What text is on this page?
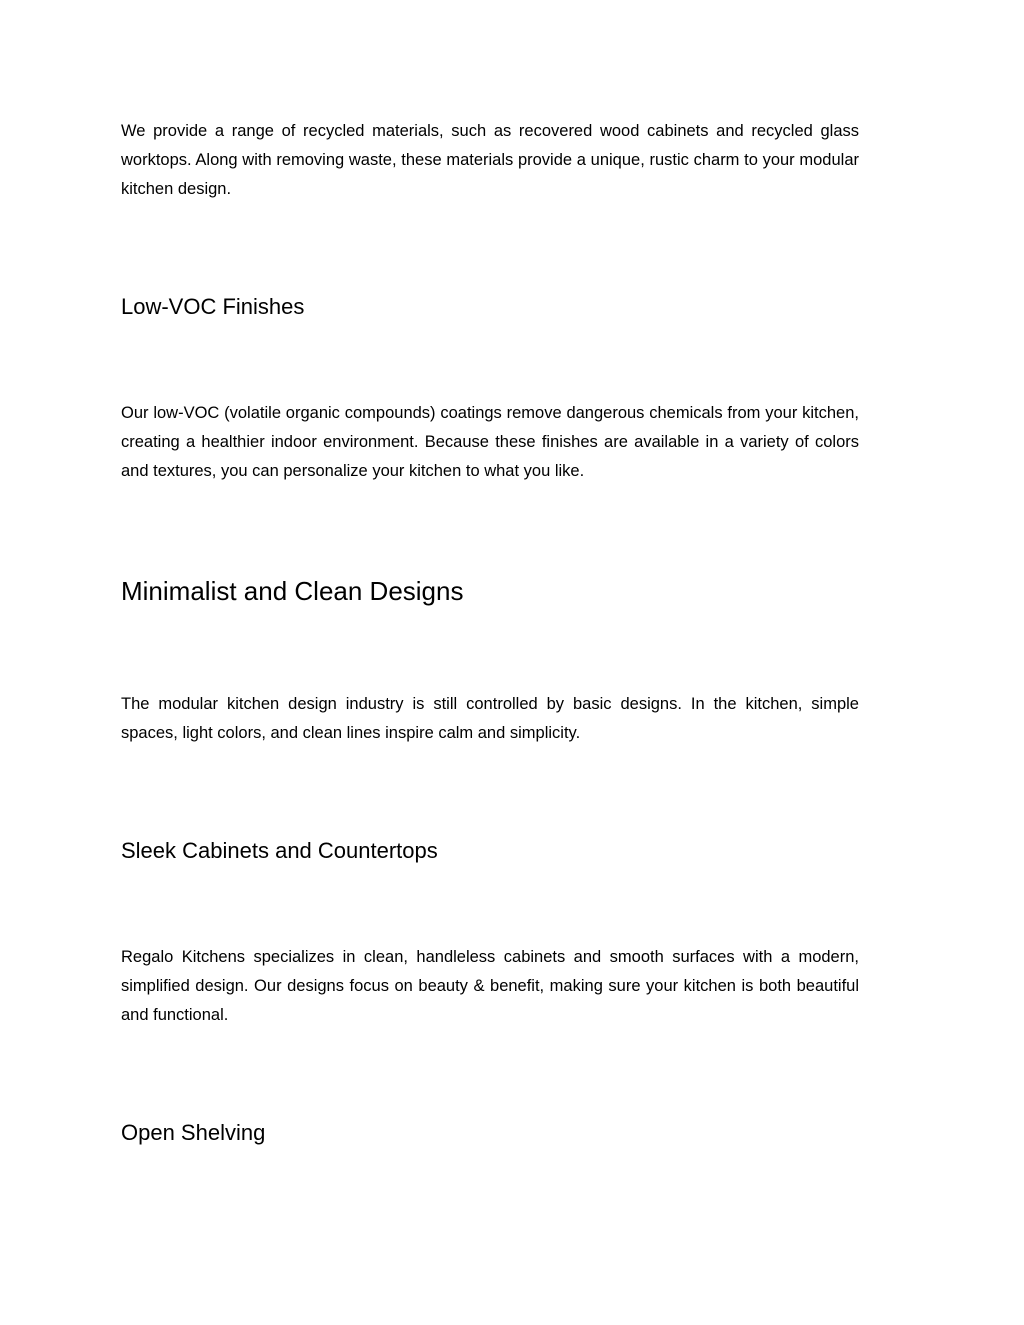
We provide a range of recycled materials, such as recovered wood cabinets and recycled glass worktops. Along with removing waste, these materials provide a unique, rustic charm to your modular kitchen design.

Low-VOC Finishes

Our low-VOC (volatile organic compounds) coatings remove dangerous chemicals from your kitchen, creating a healthier indoor environment. Because these finishes are available in a variety of colors and textures, you can personalize your kitchen to what you like.

Minimalist and Clean Designs

The modular kitchen design industry is still controlled by basic designs. In the kitchen, simple spaces, light colors, and clean lines inspire calm and simplicity.

Sleek Cabinets and Countertops

Regalo Kitchens specializes in clean, handleless cabinets and smooth surfaces with a modern, simplified design. Our designs focus on beauty & benefit, making sure your kitchen is both beautiful and functional.

Open Shelving
